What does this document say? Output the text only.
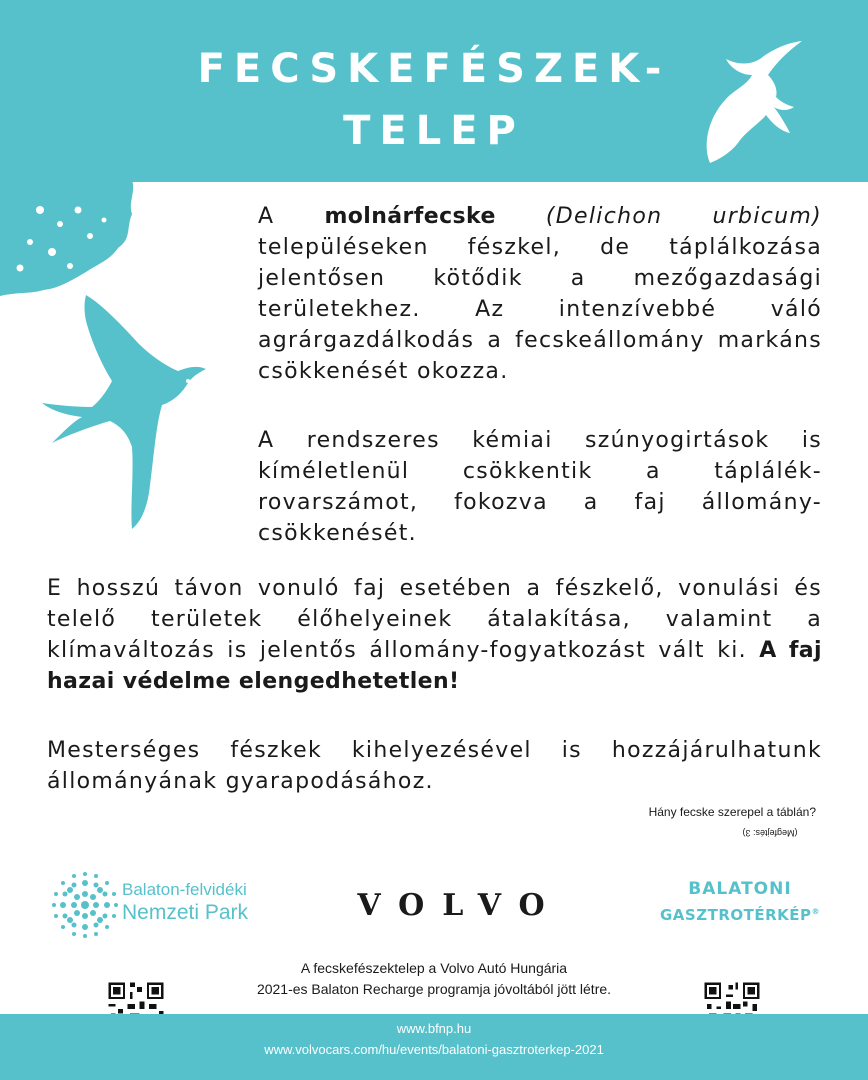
FECSKEFÉSZEK-
TELEP
A molnárfecske (Delichon urbicum) településeken fészkel, de táplálkozása jelentősen kötődik a mezőgazdasági területekhez. Az intenzívebbé váló agrárgazdálkodás a fecskeállomány markáns csökkenését okozza.
A rendszeres kémiai szúnyogirtások is kíméletlenül csökkentik a táplálék-rovarszámot, fokozva a faj állomány-csökkenését.
E hosszú távon vonuló faj esetében a fészkelő, vonulási és telelő területek élőhelyeinek átalakítása, valamint a klímaváltozás is jelentős állomány-fogyatkozást vált ki. A faj hazai védelme elengedhetetlen!
Mesterséges fészkek kihelyezésével is hozzájárulhatunk állományának gyarapodásához.
Hány fecske szerepel a táblán?
(Megfejtés: 3)
Balaton-felvidéki
Nemzeti Park	VOLVO	BALATONI
GASZTROTÉRKÉP®
A fecskefészektelep a Volvo Autó Hungária
2021-es Balaton Recharge programja jóvoltából jött létre.
www.bfnp.hu
www.volvocars.com/hu/events/balatoni-gasztroterkep-2021
